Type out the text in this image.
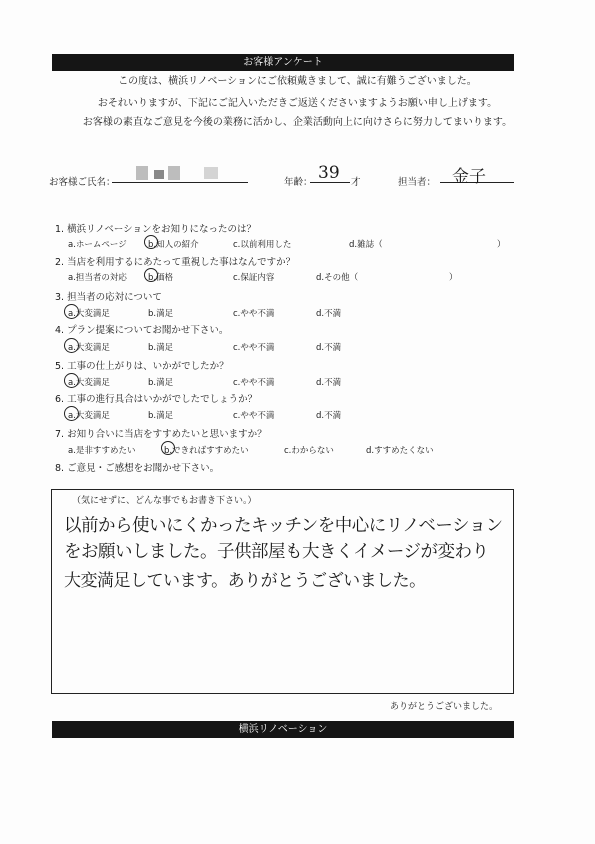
お客様アンケート
この度は、横浜リノベーションにご依頼戴きまして、誠に有難うございました。
おそれいりますが、下記にご記入いただきご返送くださいますようお願い申し上げます。
お客様の素直なご意見を今後の業務に活かし、企業活動向上に向けさらに努力してまいります。
お客様ご氏名：	年齢： 39 才	担当者： 金子
1. 横浜リノベーションをお知りになったのは？
a.ホームページ	b.知人の紹介	c.以前利用した	d.雑誌（	）
2. 当店を利用するにあたって重視した事はなんですか？
a.担当者の対応 b.価格	c.保証内容	d.その他（	）
3. 担当者の応対について
a.大変満足	b.満足	c.やや不満	d.不満
4. プラン提案についてお聞かせ下さい。
a.大変満足	b.満足	c.やや不満	d.不満
5. 工事の仕上がりは、いかがでしたか？
a.大変満足	b.満足	c.やや不満	d.不満
6. 工事の進行具合はいかがでしたでしょうか？
a.大変満足	b.満足	c.やや不満	d.不満
7. お知り合いに当店をすすめたいと思いますか？
a.是非すすめたい	b.できればすすめたい	c.わからない	d.すすめたくない
8. ご意見・ご感想をお聞かせ下さい。
（気にせずに、どんな事でもお書き下さい。）
以前から使いにくかったキッチンを中心にリノベーション
をお願いしました。子供部屋も大きくイメージが変わり
大変満足しています。ありがとうございました。
ありがとうございました。
横浜リノベーション
